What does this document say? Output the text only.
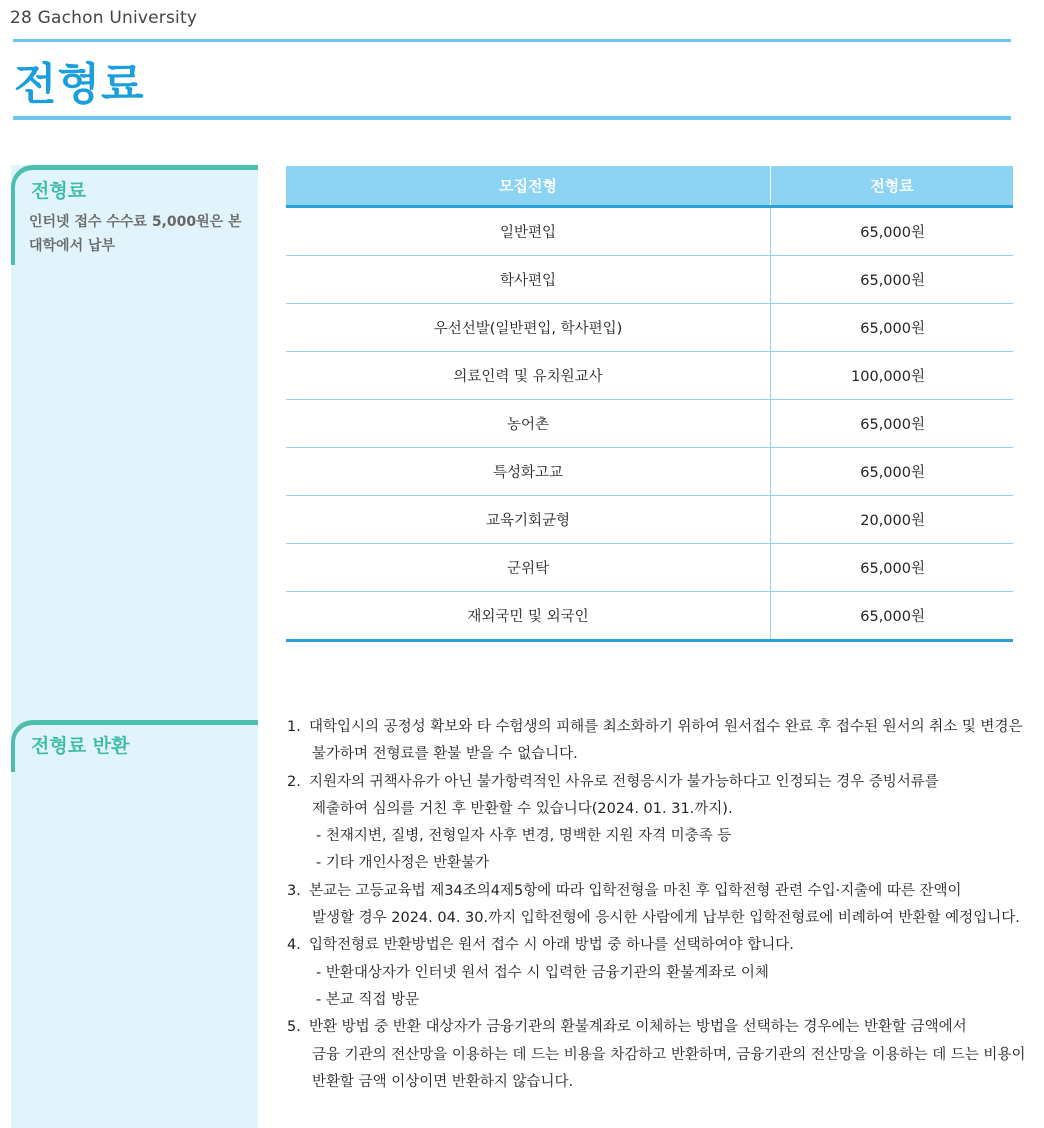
28 Gachon University
전형료
전형료
인터넷 접수 수수료 5,000원은 본 대학에서 납부
전형료 반환
모집전형	전형료
일반편입	65,000원
학사편입	65,000원
우선선발(일반편입, 학사편입)	65,000원
의료인력 및 유치원교사	100,000원
농어촌	65,000원
특성화고교	65,000원
교육기회균형	20,000원
군위탁	65,000원
재외국민 및 외국인	65,000원
1. 대학입시의 공정성 확보와 타 수험생의 피해를 최소화하기 위하여 원서접수 완료 후 접수된 원서의 취소 및 변경은
불가하며 전형료를 환불 받을 수 없습니다.
2. 지원자의 귀책사유가 아닌 불가항력적인 사유로 전형응시가 불가능하다고 인정되는 경우 증빙서류를
제출하여 심의를 거친 후 반환할 수 있습니다(2024. 01. 31.까지).
- 천재지변, 질병, 전형일자 사후 변경, 명백한 지원 자격 미충족 등
- 기타 개인사정은 반환불가
3. 본교는 고등교육법 제34조의4제5항에 따라 입학전형을 마친 후 입학전형 관련 수입·지출에 따른 잔액이
발생할 경우 2024. 04. 30.까지 입학전형에 응시한 사람에게 납부한 입학전형료에 비례하여 반환할 예정입니다.
4. 입학전형료 반환방법은 원서 접수 시 아래 방법 중 하나를 선택하여야 합니다.
- 반환대상자가 인터넷 원서 접수 시 입력한 금융기관의 환불계좌로 이체
- 본교 직접 방문
5. 반환 방법 중 반환 대상자가 금융기관의 환불계좌로 이체하는 방법을 선택하는 경우에는 반환할 금액에서
금융 기관의 전산망을 이용하는 데 드는 비용을 차감하고 반환하며, 금융기관의 전산망을 이용하는 데 드는 비용이
반환할 금액 이상이면 반환하지 않습니다.
